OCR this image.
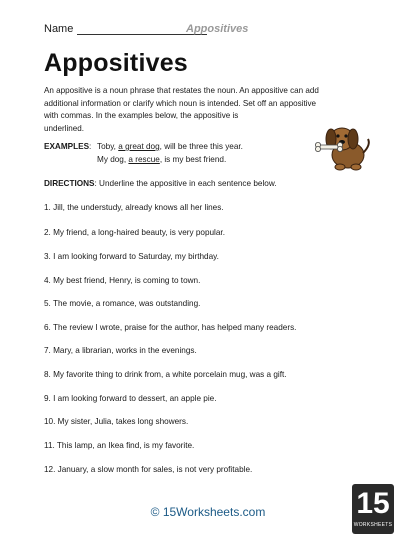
Name	Appositives
Appositives
An appositive is a noun phrase that restates the noun. An appositive can add
additional information or clarify which noun is intended. Set off an appositive
with commas. In the examples below, the appositive is
underlined.
EXAMPLES: Toby, a great dog, will be three this year.
My dog, a rescue, is my best friend.
DIRECTIONS: Underline the appositive in each sentence below.
1. Jill, the understudy, already knows all her lines.
2. My friend, a long-haired beauty, is very popular.
3. I am looking forward to Saturday, my birthday.
4. My best friend, Henry, is coming to town.
5. The movie, a romance, was outstanding.
6. The review I wrote, praise for the author, has helped many readers.
7. Mary, a librarian, works in the evenings.
8. My favorite thing to drink from, a white porcelain mug, was a gift.
9. I am looking forward to dessert, an apple pie.
10. My sister, Julia, takes long showers.
11. This lamp, an Ikea find, is my favorite.
12. January, a slow month for sales, is not very profitable.
© 15Worksheets.com	15
WORKSHEETS
